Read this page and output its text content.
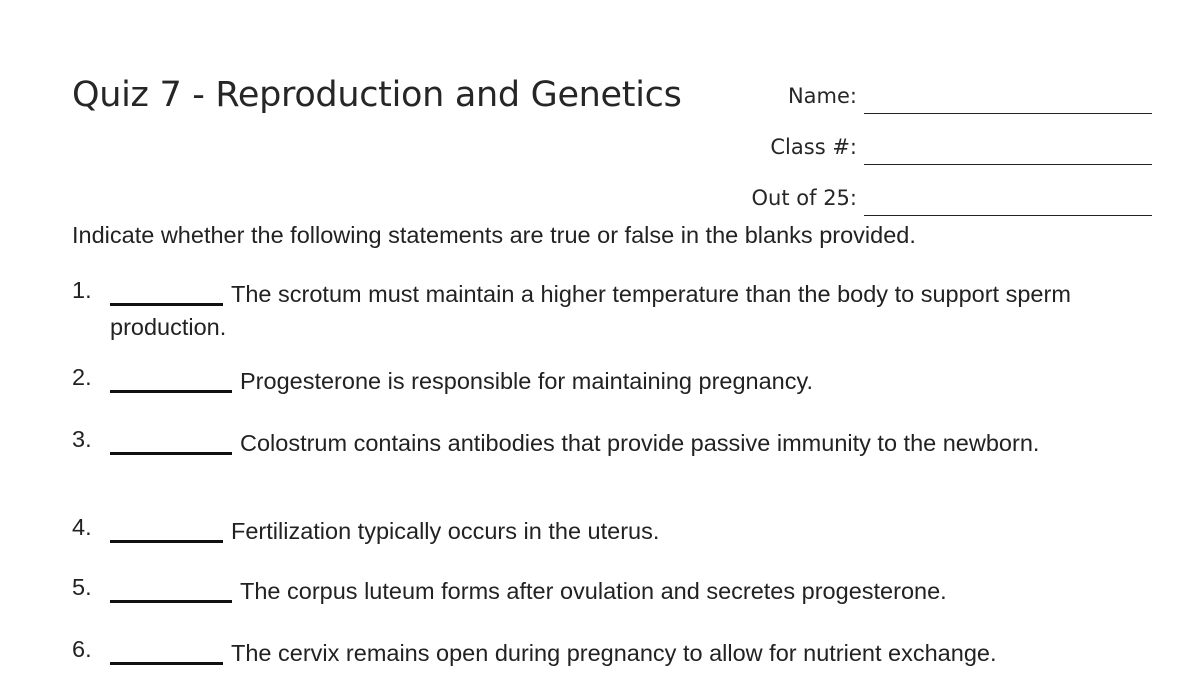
Quiz 7 - Reproduction and Genetics	Name:
Class #:
Out of 25:
Indicate whether the following statements are true or false in the blanks provided.
1.	The scrotum must maintain a higher temperature than the body to support sperm production.
2.	Progesterone is responsible for maintaining pregnancy.
3.	Colostrum contains antibodies that provide passive immunity to the newborn.
4.	Fertilization typically occurs in the uterus.
5.	The corpus luteum forms after ovulation and secretes progesterone.
6.	The cervix remains open during pregnancy to allow for nutrient exchange.
